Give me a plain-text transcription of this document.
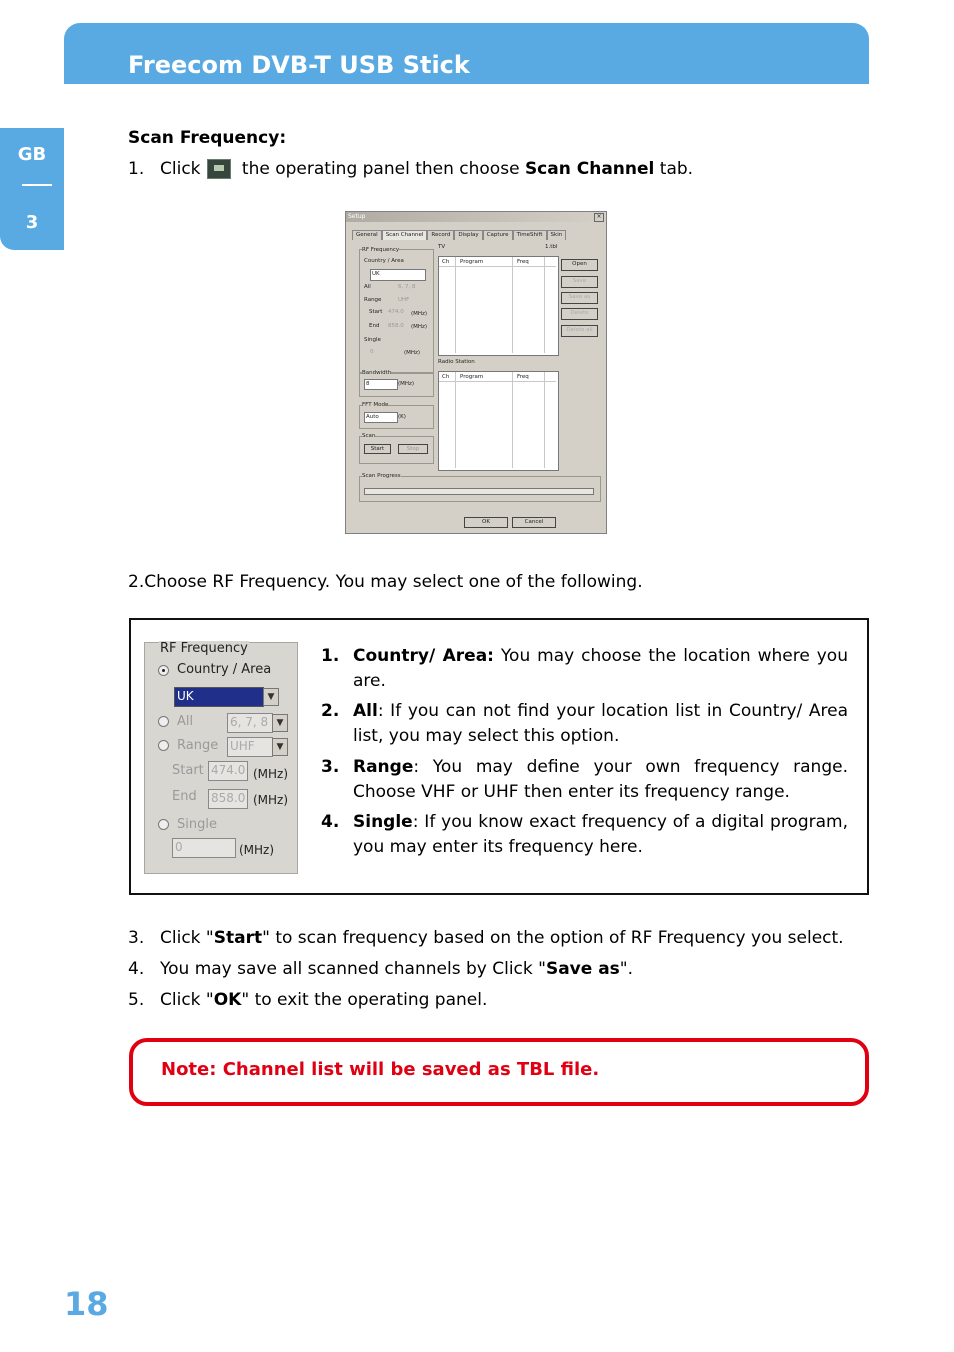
Freecom DVB-T USB Stick
GB
3
Scan Frequency:
1. Click the operating panel then choose Scan Channel tab.
Setup	×
General	Scan Channel	Record	Display	Capture	TimeShift	Skin
RF Frequency
Country / Area
UK
All	6, 7, 8
Range	UHF
Start 474.0 (MHz)
End 858.0 (MHz)
Single
0	(MHz)
Bandwidth
8	(MHz)
FFT Mode
Auto	(K)
Scan
Start	Stop
Scan Progress
TV	1.tbl
Ch Program	Freq
Radio Station
Ch Program	Freq
Open
Save
Save as
Delete
Delete all
OK	Cancel
2.Choose RF Frequency. You may select one of the following.
RF Frequency
Country / Area
UK	▼
All	6, 7, 8 ▼
Range UHF	▼
Start 474.0 (MHz)
End 858.0 (MHz)
Single
0	(MHz)
1. Country/ Area: You may choose the location where you are.
2. All: If you can not find your location list in Country/ Area list, you may select this option.
3. Range: You may define your own frequency range. Choose VHF or UHF then enter its frequency range.
4. Single: If you know exact frequency of a digital program, you may enter its frequency here.
3. Click "Start" to scan frequency based on the option of RF Frequency you select.
4. You may save all scanned channels by Click "Save as".
5. Click "OK" to exit the operating panel.
Note: Channel list will be saved as TBL file.
18
